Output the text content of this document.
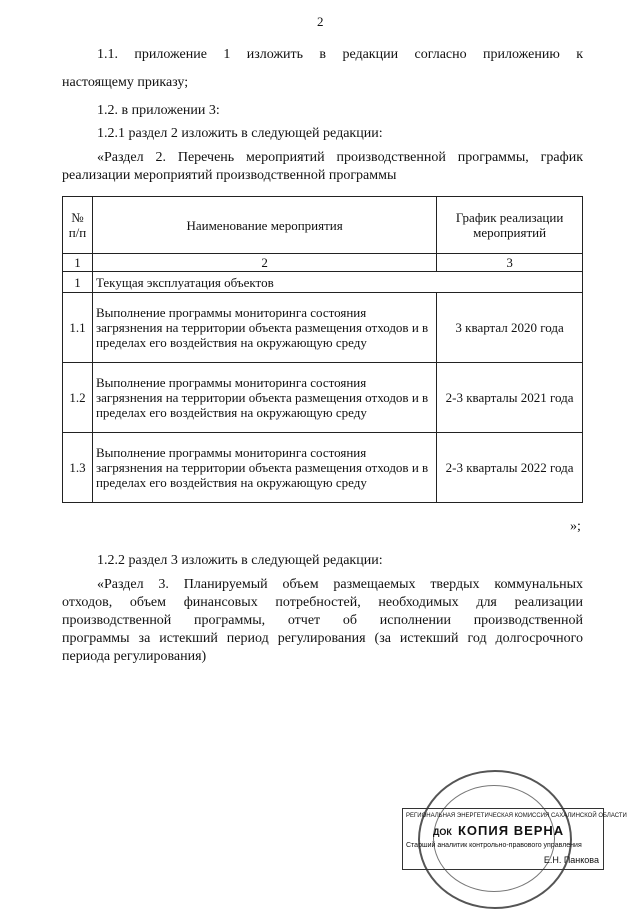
2
1.1. приложение 1 изложить в редакции согласно приложению к
настоящему приказу;
1.2. в приложении 3:
1.2.1 раздел 2 изложить в следующей редакции:
«Раздел 2. Перечень мероприятий производственной программы, график
реализации мероприятий производственной программы
№ п/п	Наименование мероприятия	График реализации мероприятий
1	2	3
1	Текущая эксплуатация объектов	
1.1	Выполнение программы мониторинга состояния загрязнения на территории объекта размещения отходов и в пределах его воздействия на окружающую среду	3 квартал 2020 года
1.2	Выполнение программы мониторинга состояния загрязнения на территории объекта размещения отходов и в пределах его воздействия на окружающую среду	2-3 кварталы 2021 года
1.3	Выполнение программы мониторинга состояния загрязнения на территории объекта размещения отходов и в пределах его воздействия на окружающую среду	2-3 кварталы 2022 года
»;
1.2.2 раздел 3 изложить в следующей редакции:
«Раздел 3. Планируемый объем размещаемых твердых коммунальных
отходов, объем финансовых потребностей, необходимых для реализации
производственной программы, отчет об исполнении производственной
программы за истекший период регулирования (за истекший год долгосрочного
периода регулирования)
РЕГИОНАЛЬНАЯ ЭНЕРГЕТИЧЕСКАЯ КОМИССИЯ САХАЛИНСКОЙ ОБЛАСТИ
ДОК КОПИЯ ВЕРНА
Старший аналитик контрольно-правового управления
Е.Н. Панкова
